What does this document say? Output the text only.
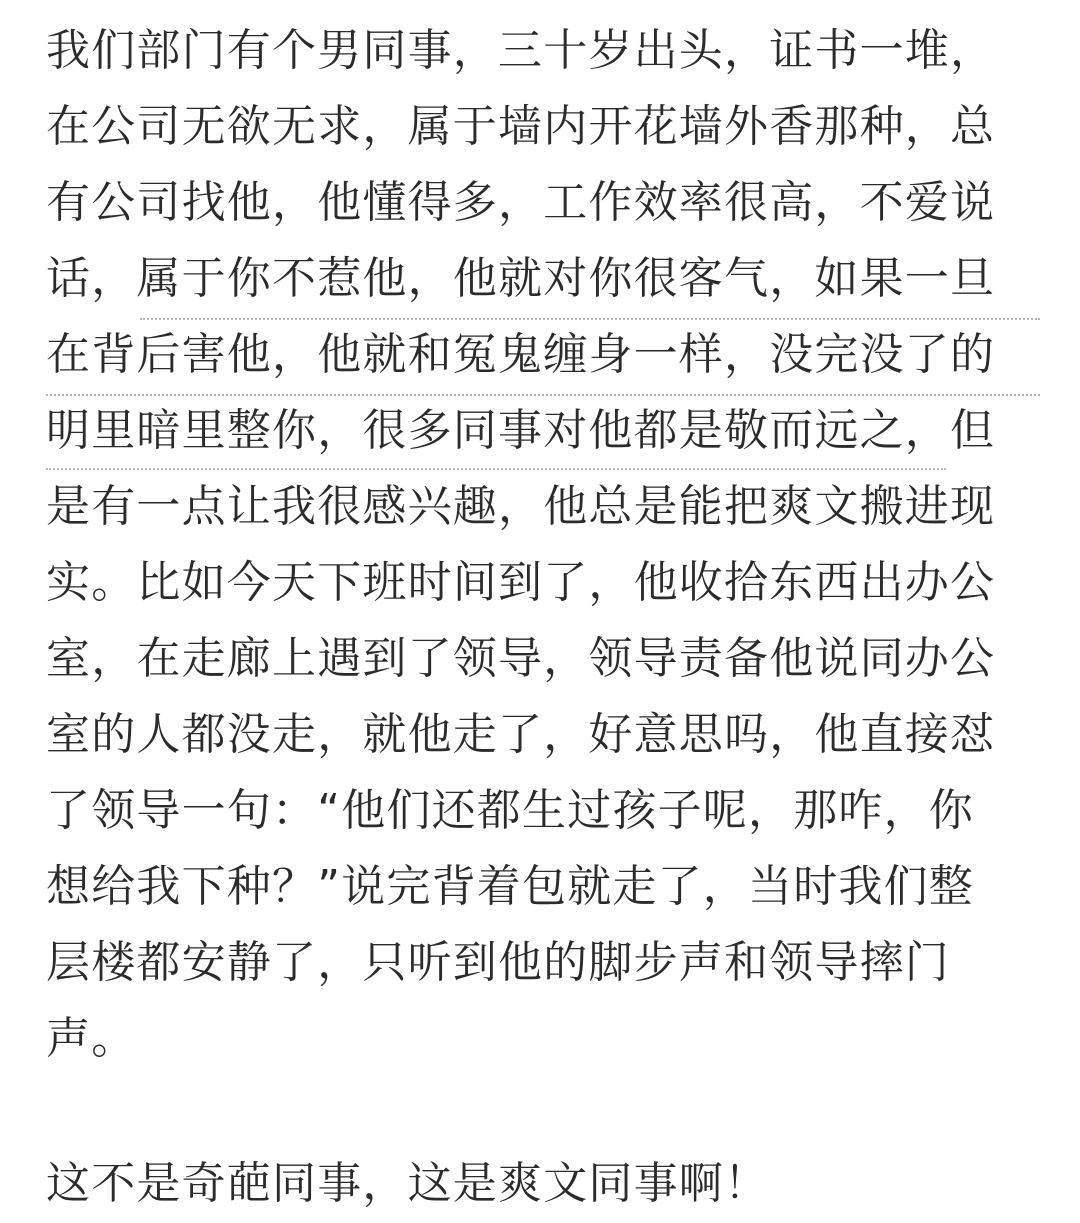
我们部门有个男同事，三十岁出头，证书一堆，
在公司无欲无求，属于墙内开花墙外香那种，总
有公司找他，他懂得多，工作效率很高，不爱说
话，属于你不惹他，他就对你很客气，如果一旦
在背后害他，他就和冤鬼缠身一样，没完没了的
明里暗里整你，很多同事对他都是敬而远之，但
是有一点让我很感兴趣，他总是能把爽文搬进现
实。比如今天下班时间到了，他收拾东西出办公
室，在走廊上遇到了领导，领导责备他说同办公
室的人都没走，就他走了，好意思吗，他直接怼
了领导一句：“他们还都生过孩子呢，那咋，你
想给我下种？”说完背着包就走了，当时我们整
层楼都安静了，只听到他的脚步声和领导摔门
声。
这不是奇葩同事，这是爽文同事啊！
